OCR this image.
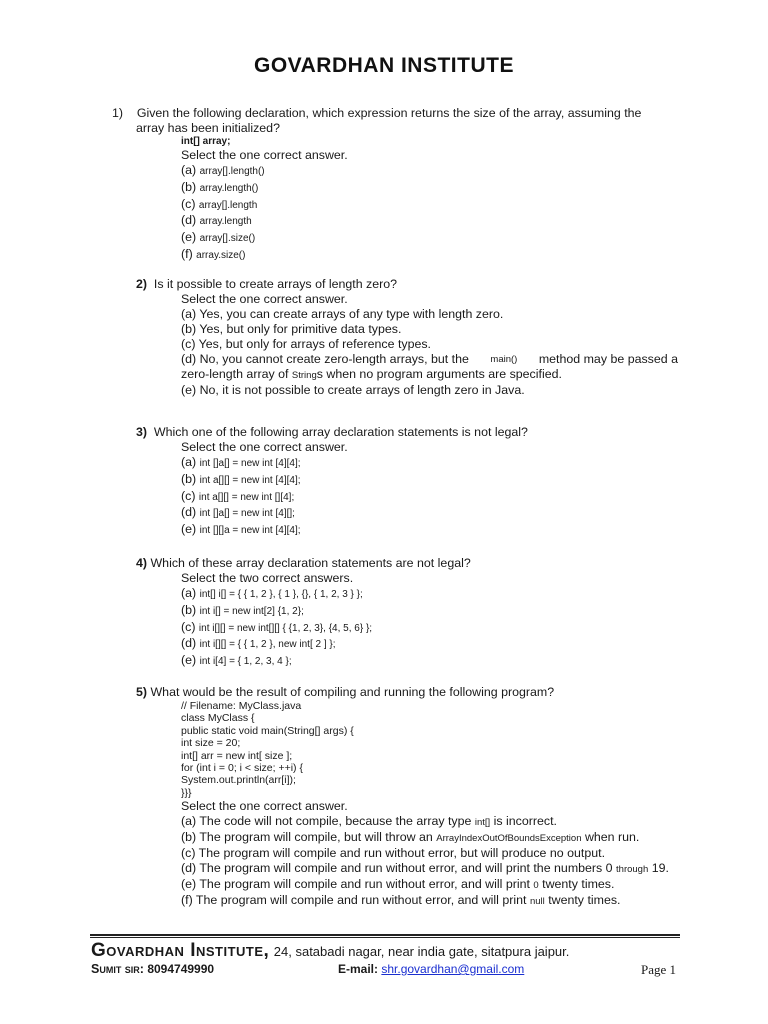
GOVARDHAN INSTITUTE
1) Given the following declaration, which expression returns the size of the array, assuming the
array has been initialized?
int[] array;
Select the one correct answer.
(a) array[].length()
(b) array.length()
(c) array[].length
(d) array.length
(e) array[].size()
(f) array.size()
2) Is it possible to create arrays of length zero?
Select the one correct answer.
(a) Yes, you can create arrays of any type with length zero.
(b) Yes, but only for primitive data types.
(c) Yes, but only for arrays of reference types.
(d) No, you cannot create zero-length arrays, but the main() method may be passed a
zero-length array of Strings when no program arguments are specified.
(e) No, it is not possible to create arrays of length zero in Java.
3) Which one of the following array declaration statements is not legal?
Select the one correct answer.
(a) int []a[] = new int [4][4];
(b) int a[][] = new int [4][4];
(c) int a[][] = new int [][4];
(d) int []a[] = new int [4][];
(e) int [][]a = new int [4][4];
4) Which of these array declaration statements are not legal?
Select the two correct answers.
(a) int[] i[] = { { 1, 2 }, { 1 }, {}, { 1, 2, 3 } };
(b) int i[] = new int[2] {1, 2};
(c) int i[][] = new int[][] { {1, 2, 3}, {4, 5, 6} };
(d) int i[][] = { { 1, 2 }, new int[ 2 ] };
(e) int i[4] = { 1, 2, 3, 4 };
5) What would be the result of compiling and running the following program?
// Filename: MyClass.java
class MyClass {
public static void main(String[] args) {
int size = 20;
int[] arr = new int[ size ];
for (int i = 0; i < size; ++i) {
System.out.println(arr[i]);
}}}
Select the one correct answer.
(a) The code will not compile, because the array type int[] is incorrect.
(b) The program will compile, but will throw an ArrayIndexOutOfBoundsException when run.
(c) The program will compile and run without error, but will produce no output.
(d) The program will compile and run without error, and will print the numbers 0 through 19.
(e) The program will compile and run without error, and will print 0 twenty times.
(f) The program will compile and run without error, and will print null twenty times.
Govardhan Institute, 24, satabadi nagar, near india gate, sitatpura jaipur.
Sumit sir: 8094749990	E-mail: shr.govardhan@gmail.com	Page 1
